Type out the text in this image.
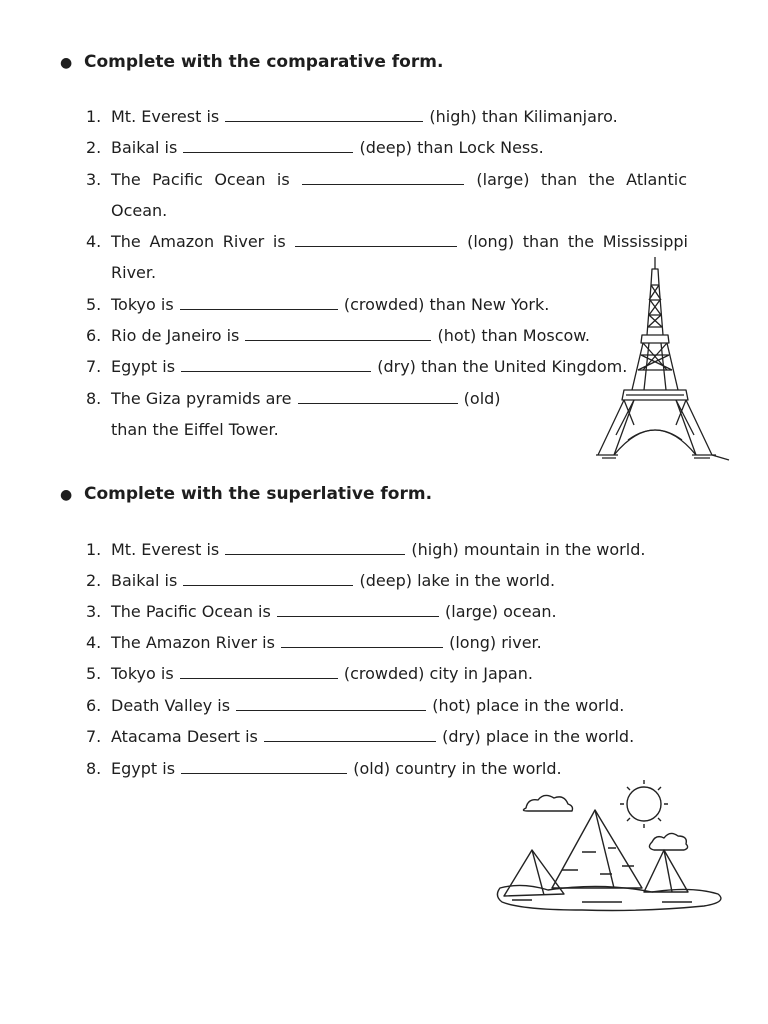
● Complete with the comparative form.
1. Mt. Everest is	(high) than Kilimanjaro.
2. Baikal is	(deep) than Lock Ness.
3. The Pacific Ocean is	(large) than the Atlantic
Ocean.
4. The Amazon River is	(long) than the Mississippi
River.
5. Tokyo is	(crowded) than New York.
6. Rio de Janeiro is	(hot) than Moscow.
7. Egypt is	(dry) than the United Kingdom.
8. The Giza pyramids are	(old)
than the Eiffel Tower.
● Complete with the superlative form.
1. Mt. Everest is	(high) mountain in the world.
2. Baikal is	(deep) lake in the world.
3. The Pacific Ocean is	(large) ocean.
4. The Amazon River is	(long) river.
5. Tokyo is	(crowded) city in Japan.
6. Death Valley is	(hot) place in the world.
7. Atacama Desert is	(dry) place in the world.
8. Egypt is	(old) country in the world.
